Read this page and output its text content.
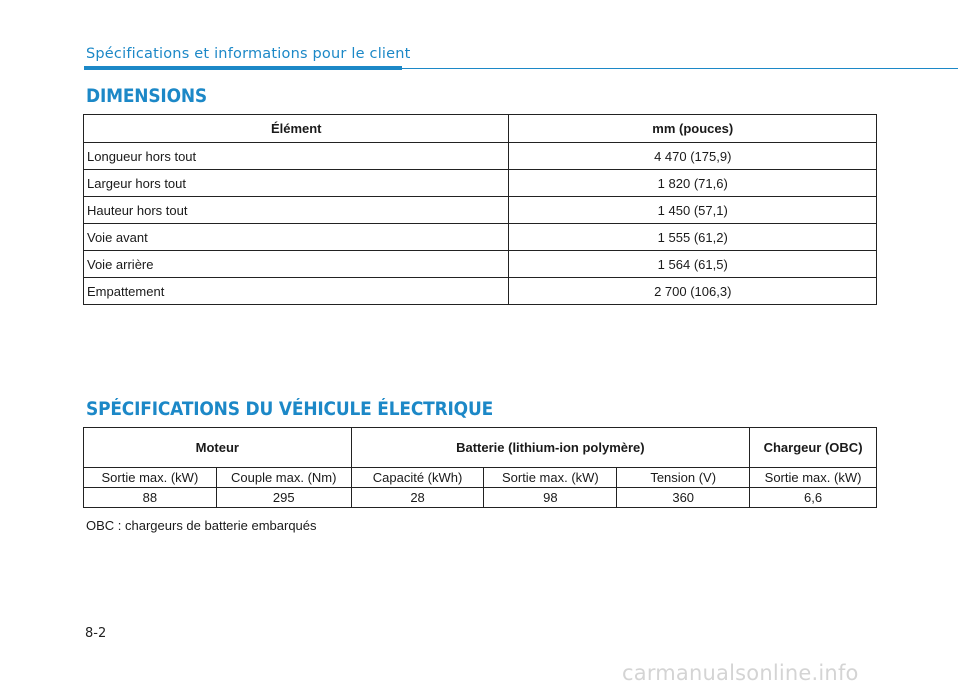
Spécifications et informations pour le client
DIMENSIONS
Élément	mm (pouces)
Longueur hors tout	4 470 (175,9)
Largeur hors tout	1 820 (71,6)
Hauteur hors tout	1 450 (57,1)
Voie avant	1 555 (61,2)
Voie arrière	1 564 (61,5)
Empattement	2 700 (106,3)
SPÉCIFICATIONS DU VÉHICULE ÉLECTRIQUE
Moteur		Batterie (lithium-ion polymère)			Chargeur (OBC)
Sortie max. (kW)	Couple max. (Nm)	Capacité (kWh)	Sortie max. (kW)	Tension (V)	Sortie max. (kW)
88	295	28	98	360	6,6
OBC : chargeurs de batterie embarqués
8-2
carmanualsonline.info
